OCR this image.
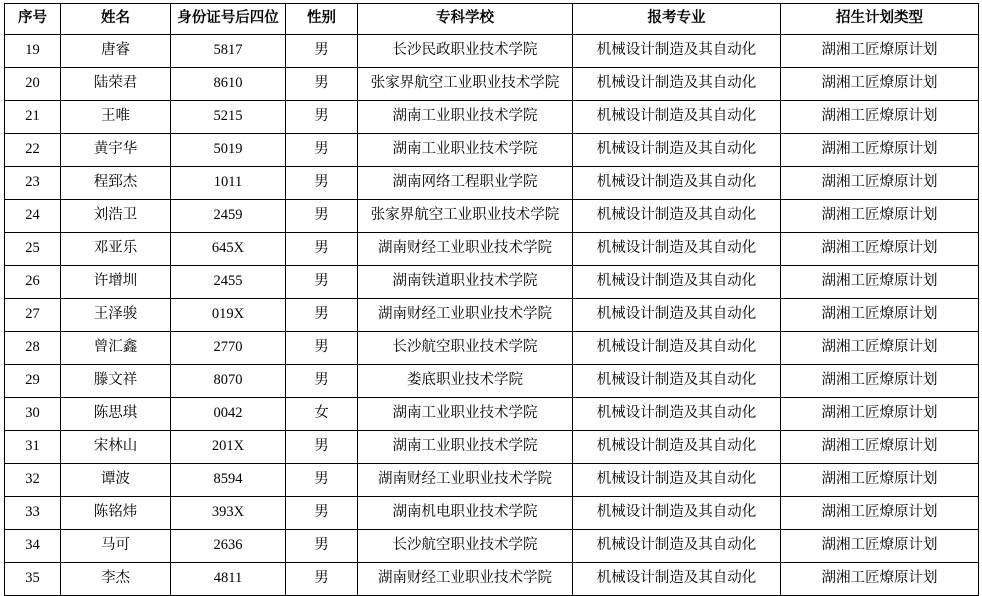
序号	姓名	身份证号后四位	性别	专科学校	报考专业	招生计划类型
19	唐睿	5817	男	长沙民政职业技术学院	机械设计制造及其自动化	湖湘工匠燎原计划
20	陆荣君	8610	男	张家界航空工业职业技术学院	机械设计制造及其自动化	湖湘工匠燎原计划
21	王唯	5215	男	湖南工业职业技术学院	机械设计制造及其自动化	湖湘工匠燎原计划
22	黄宇华	5019	男	湖南工业职业技术学院	机械设计制造及其自动化	湖湘工匠燎原计划
23	程郅杰	1011	男	湖南网络工程职业学院	机械设计制造及其自动化	湖湘工匠燎原计划
24	刘浩卫	2459	男	张家界航空工业职业技术学院	机械设计制造及其自动化	湖湘工匠燎原计划
25	邓亚乐	645X	男	湖南财经工业职业技术学院	机械设计制造及其自动化	湖湘工匠燎原计划
26	许增圳	2455	男	湖南铁道职业技术学院	机械设计制造及其自动化	湖湘工匠燎原计划
27	王泽骏	019X	男	湖南财经工业职业技术学院	机械设计制造及其自动化	湖湘工匠燎原计划
28	曾汇鑫	2770	男	长沙航空职业技术学院	机械设计制造及其自动化	湖湘工匠燎原计划
29	滕文祥	8070	男	娄底职业技术学院	机械设计制造及其自动化	湖湘工匠燎原计划
30	陈思琪	0042	女	湖南工业职业技术学院	机械设计制造及其自动化	湖湘工匠燎原计划
31	宋林山	201X	男	湖南工业职业技术学院	机械设计制造及其自动化	湖湘工匠燎原计划
32	谭波	8594	男	湖南财经工业职业技术学院	机械设计制造及其自动化	湖湘工匠燎原计划
33	陈铭炜	393X	男	湖南机电职业技术学院	机械设计制造及其自动化	湖湘工匠燎原计划
34	马可	2636	男	长沙航空职业技术学院	机械设计制造及其自动化	湖湘工匠燎原计划
35	李杰	4811	男	湖南财经工业职业技术学院	机械设计制造及其自动化	湖湘工匠燎原计划
